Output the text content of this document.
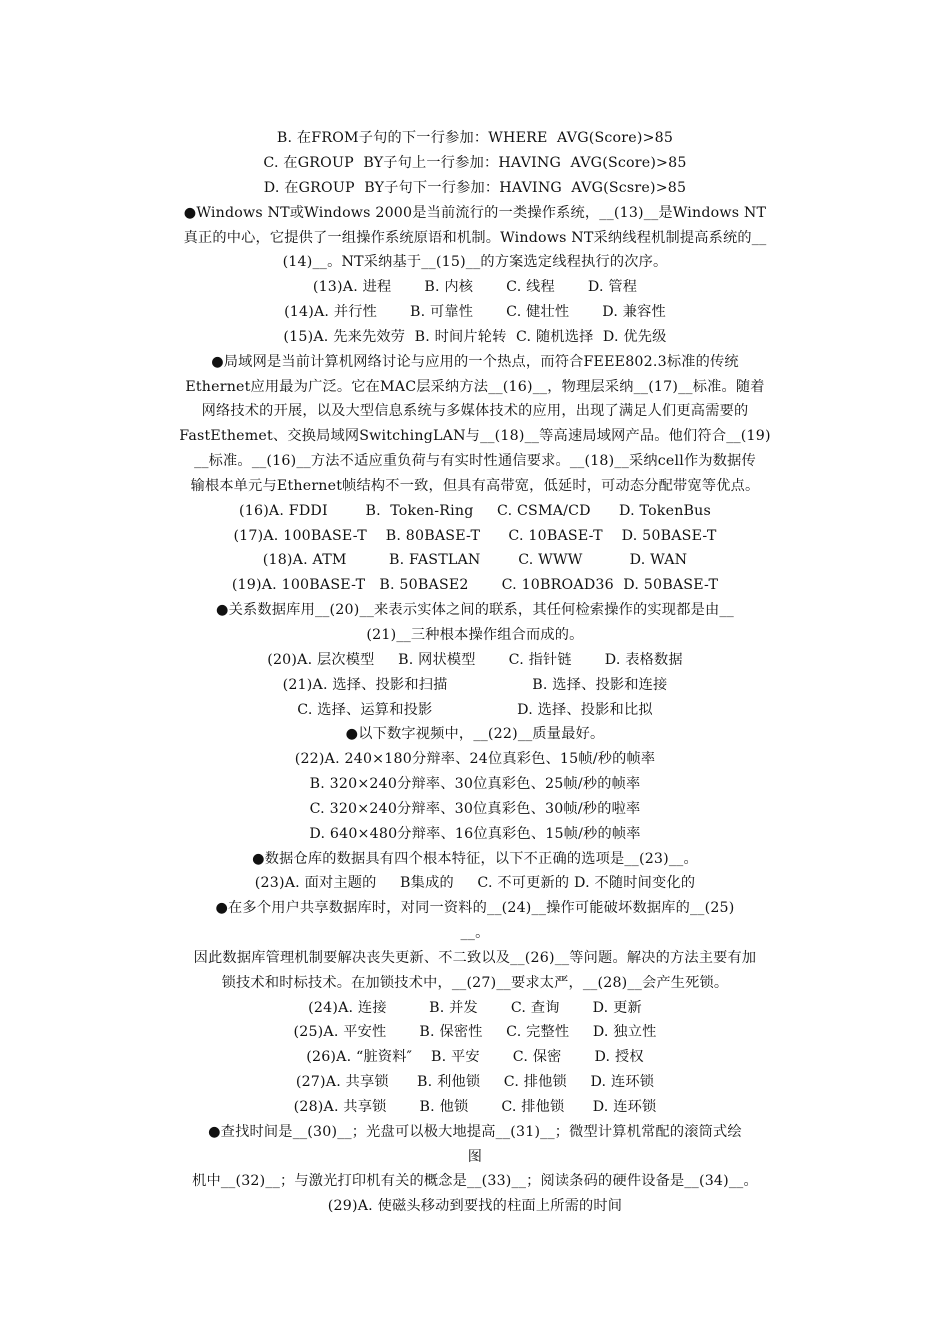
B. 在FROM子句的下一行参加：WHERE  AVG(Score)>85
C. 在GROUP  BY子句上一行参加：HAVING  AVG(Score)>85
D. 在GROUP  BY子句下一行参加：HAVING  AVG(Scsre)>85
●Windows NT或Windows 2000是当前流行的一类操作系统，__(13)__是Windows NT
真正的中心，它提供了一组操作系统原语和机制。Windows NT采纳线程机制提高系统的__
(14)__。NT采纳基于__(15)__的方案选定线程执行的次序。
(13)A. 进程       B. 内核       C. 线程       D. 管程
(14)A. 并行性       B. 可靠性       C. 健壮性       D. 兼容性
(15)A. 先来先效劳  B. 时间片轮转  C. 随机选择  D. 优先级
●局域网是当前计算机网络讨论与应用的一个热点，而符合FEEE802.3标准的传统
Ethernet应用最为广泛。它在MAC层采纳方法__(16)__，物理层采纳__(17)__标准。随着
网络技术的开展，以及大型信息系统与多媒体技术的应用，出现了满足人们更高需要的
FastEthemet、交换局域网SwitchingLAN与__(18)__等高速局域网产品。他们符合__(19)
__标准。__(16)__方法不适应重负荷与有实时性通信要求。__(18)__采纳cell作为数据传
输根本单元与Ethernet帧结构不一致，但具有高带宽，低延时，可动态分配带宽等优点。
(16)A. FDDI        B.  Token-Ring     C. CSMA/CD      D. TokenBus
(17)A. 100BASE-T    B. 80BASE-T      C. 10BASE-T    D. 50BASE-T
(18)A. ATM         B. FASTLAN        C. WWW          D. WAN
(19)A. 100BASE-T   B. 50BASE2       C. 10BROAD36  D. 50BASE-T
●关系数据库用__(20)__来表示实体之间的联系，其任何检索操作的实现都是由__
(21)__三种根本操作组合而成的。
(20)A. 层次模型     B. 网状模型       C. 指针链       D. 表格数据
(21)A. 选择、投影和扫描                  B. 选择、投影和连接
C. 选择、运算和投影                  D. 选择、投影和比拟
●以下数字视频中，__(22)__质量最好。
(22)A. 240×180分辩率、24位真彩色、15帧/秒的帧率
B. 320×240分辩率、30位真彩色、25帧/秒的帧率
C. 320×240分辩率、30位真彩色、30帧/秒的啦率
D. 640×480分辩率、16位真彩色、15帧/秒的帧率
●数据仓库的数据具有四个根本特征，以下不正确的选项是__(23)__。
(23)A. 面对主题的     B集成的     C. 不可更新的 D. 不随时间变化的
●在多个用户共享数据库时，对同一资料的__(24)__操作可能破坏数据库的__(25)
__。
因此数据库管理机制要解决丧失更新、不二致以及__(26)__等问题。解决的方法主要有加
锁技术和时标技术。在加锁技术中，__(27)__要求太严，__(28)__会产生死锁。
(24)A. 连接         B. 并发       C. 查询       D. 更新
(25)A. 平安性       B. 保密性     C. 完整性     D. 独立性
(26)A. “脏资料″    B. 平安       C. 保密       D. 授权
(27)A. 共享锁      B. 利他锁     C. 排他锁     D. 连环锁
(28)A. 共享锁       B. 他锁       C. 排他锁      D. 连环锁
●查找时间是__(30)__；光盘可以极大地提高__(31)__；微型计算机常配的滚筒式绘
图
机中__(32)__；与激光打印机有关的概念是__(33)__；阅读条码的硬件设备是__(34)__。
(29)A. 使磁头移动到要找的柱面上所需的时间
